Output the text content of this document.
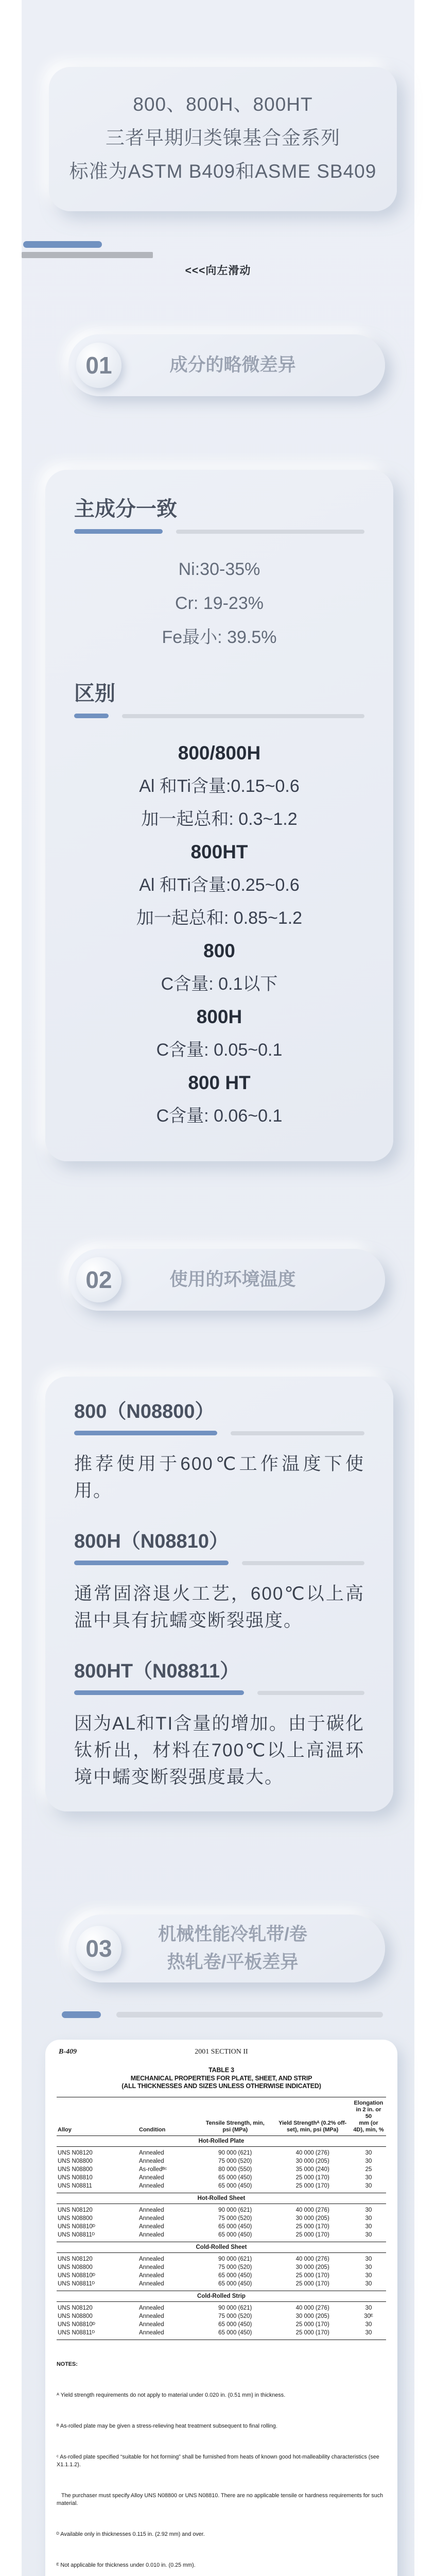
800、800H、800HT
三者早期归类镍基合金系列
标准为ASTM B409和ASME SB409
<<<向左滑动
01	成分的略微差异
主成分一致
Ni:30-35%
Cr: 19-23%
Fe最小: 39.5%
区别
800/800H
Al 和Ti含量:0.15~0.6
加一起总和: 0.3~1.2
800HT
Al 和Ti含量:0.25~0.6
加一起总和: 0.85~1.2
800
C含量: 0.1以下
800H
C含量: 0.05~0.1
800 HT
C含量: 0.06~0.1
02	使用的环境温度
800（N08800）
推荐使用于600℃工作温度下使用。
800H（N08810）
通常固溶退火工艺，600℃以上高温中具有抗蠕变断裂强度。
800HT（N08811）
因为AL和TI含量的增加。由于碳化钛析出，材料在700℃以上高温环境中蠕变断裂强度最大。
03
机械性能冷轧带/卷
热轧卷/平板差异
B-409	2001 SECTION II
TABLE 3
MECHANICAL PROPERTIES FOR PLATE, SHEET, AND STRIP
(ALL THICKNESSES AND SIZES UNLESS OTHERWISE INDICATED)
Alloy	Condition
Tensile Strength, min,
psi (MPa)
Yield Strengthᴬ (0.2% off-
set), min, psi (MPa)
Elongation in 2 in. or 50
mm (or 4D), min, %
Hot-Rolled Plate
UNS N08120	Annealed	90 000 (621)	40 000 (276)	30
UNS N08800	Annealed	75 000 (520)	30 000 (205)	30
UNS N08800	As-rolledᴮᶜ	80 000 (550)	35 000 (240)	25
UNS N08810	Annealed	65 000 (450)	25 000 (170)	30
UNS N08811	Annealed	65 000 (450)	25 000 (170)	30
Hot-Rolled Sheet
UNS N08120	Annealed	90 000 (621)	40 000 (276)	30
UNS N08800	Annealed	75 000 (520)	30 000 (205)	30
UNS N08810ᴰ	Annealed	65 000 (450)	25 000 (170)	30
UNS N08811ᴰ	Annealed	65 000 (450)	25 000 (170)	30
Cold-Rolled Sheet
UNS N08120	Annealed	90 000 (621)	40 000 (276)	30
UNS N08800	Annealed	75 000 (520)	30 000 (205)	30
UNS N08810ᴰ	Annealed	65 000 (450)	25 000 (170)	30
UNS N08811ᴰ	Annealed	65 000 (450)	25 000 (170)	30
Cold-Rolled Strip
UNS N08120	Annealed	90 000 (621)	40 000 (276)	30
UNS N08800	Annealed	75 000 (520)	30 000 (205)	30ᴱ
UNS N08810ᴰ	Annealed	65 000 (450)	25 000 (170)	30
UNS N08811ᴰ	Annealed	65 000 (450)	25 000 (170)	30

NOTES:

ᴬ Yield strength requirements do not apply to material under 0.020 in. (0.51 mm) in thickness.

ᴮ As-rolled plate may be given a stress-relieving heat treatment subsequent to final rolling.

ᶜ As-rolled plate specified “suitable for hot forming” shall be furnished from heats of known good hot-malleability characteristics (see X1.1.1.2).

The purchaser must specify Alloy UNS N08800 or UNS N08810. There are no applicable tensile or hardness requirements for such material.

ᴰ Available only in thicknesses 0.115 in. (2.92 mm) and over.

ᴱ Not applicable for thickness under 0.010 in. (0.25 mm).
